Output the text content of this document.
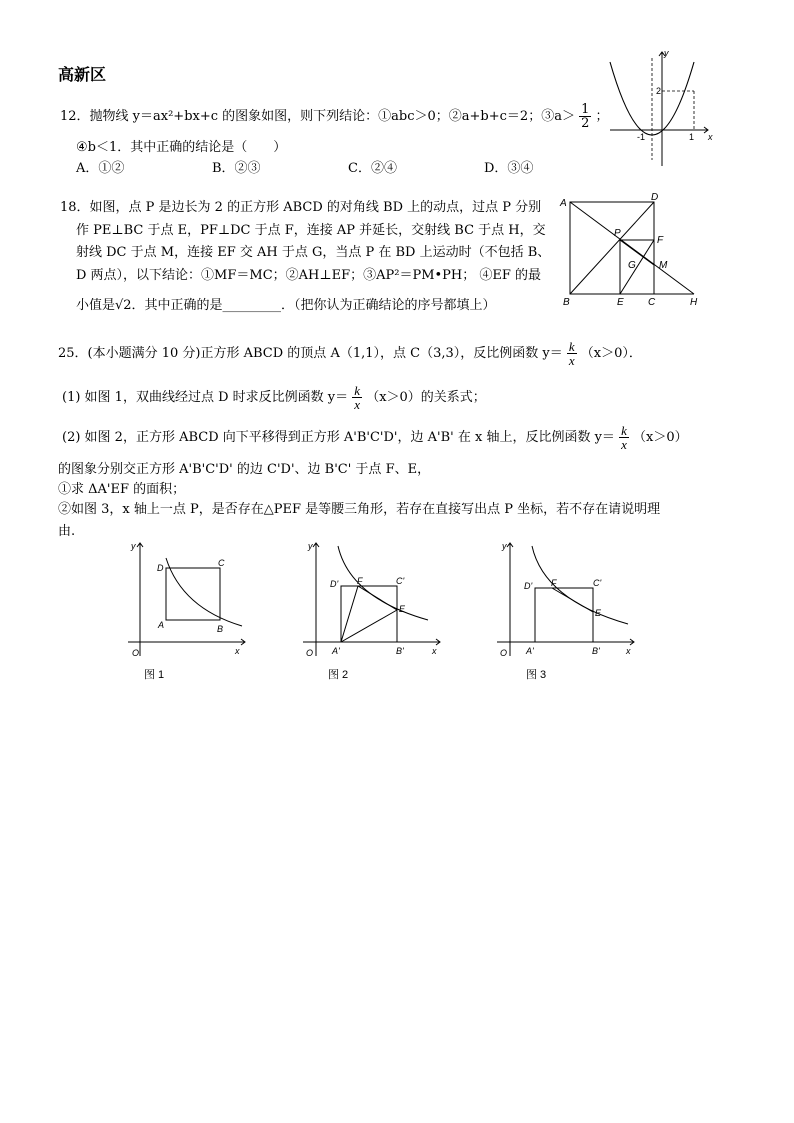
高新区
12．抛物线 y＝ax²+bx+c 的图象如图，则下列结论：①abc＞0；②a+b+c＝2；③a＞ $\frac{1}{2}$ ；
④b＜1．其中正确的结论是（　　）
A．①②	B．②③	C．②④	D．③④
y
x
2
-1	1
18．如图，点 P 是边长为 2 的正方形 ABCD 的对角线 BD 上的动点，过点 P 分别
作 PE⊥BC 于点 E，PF⊥DC 于点 F，连接 AP 并延长，交射线 BC 于点 H，交
射线 DC 于点 M，连接 EF 交 AH 于点 G，当点 P 在 BD 上运动时（不包括 B、
D 两点），以下结论：①MF＝MC；②AH⊥EF；③AP²＝PM•PH； ④EF 的最
小值是√2．其中正确的是_________．（把你认为正确结论的序号都填上）
A
D
P
F
G M
B	E C	H
25．(本小题满分 10 分)正方形 ABCD 的顶点 A（1,1），点 C（3,3），反比例函数 $y= \frac{k}{x} (x>0)$．
(1) 如图 1，双曲线经过点 D 时求反比例函数 $y= \frac{k}{x} (x>0)$的关系式；
(2) 如图 2，正方形 ABCD 向下平移得到正方形 A'B'C'D'，边 A'B' 在 x 轴上，反比例函数 $y= \frac{k}{x} (x>0)$
的图象分别交正方形 A'B'C'D' 的边 C'D'、边 B'C' 于点 F、E，
①求 ΔA'EF 的面积；
②如图 3，x 轴上一点 P，是否存在△PEF 是等腰三角形，若存在直接写出点 P 坐标，若不存在请说明理
由.
y
x
O
D	C
A	B
图 1
y
x
O
D' F	C'
E
A'	B'
图 2
y
x
O
D' F	C'
E
A'	B'
图 3
